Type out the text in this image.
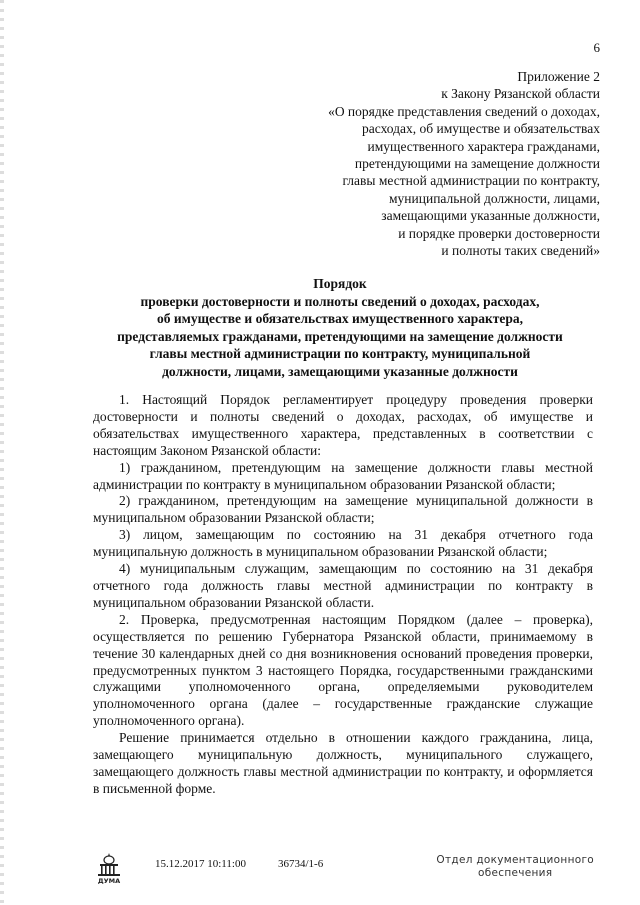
6
Приложение 2
к Закону Рязанской области
«О порядке представления сведений о доходах,
расходах, об имуществе и обязательствах
имущественного характера гражданами,
претендующими на замещение должности
главы местной администрации по контракту,
муниципальной должности, лицами,
замещающими указанные должности,
и порядке проверки достоверности
и полноты таких сведений»
Порядок
проверки достоверности и полноты сведений о доходах, расходах,
об имуществе и обязательствах имущественного характера,
представляемых гражданами, претендующими на замещение должности
главы местной администрации по контракту, муниципальной
должности, лицами, замещающими указанные должности

1. Настоящий Порядок регламентирует процедуру проведения проверки достоверности и полноты сведений о доходах, расходах, об имуществе и обязательствах имущественного характера, представленных в соответствии с настоящим Законом Рязанской области:

1) гражданином, претендующим на замещение должности главы местной администрации по контракту в муниципальном образовании Рязанской области;

2) гражданином, претендующим на замещение муниципальной должности в муниципальном образовании Рязанской области;

3) лицом, замещающим по состоянию на 31 декабря отчетного года муниципальную должность в муниципальном образовании Рязанской области;

4) муниципальным служащим, замещающим по состоянию на 31 декабря отчетного года должность главы местной администрации по контракту в муниципальном образовании Рязанской области.

2. Проверка, предусмотренная настоящим Порядком (далее – проверка), осуществляется по решению Губернатора Рязанской области, принимаемому в течение 30 календарных дней со дня возникновения оснований проведения проверки, предусмотренных пунктом 3 настоящего Порядка, государственными гражданскими служащими уполномоченного органа, определяемыми руководителем уполномоченного органа (далее – государственные гражданские служащие уполномоченного органа).

Решение принимается отдельно в отношении каждого гражданина, лица, замещающего муниципальную должность, муниципального служащего, замещающего должность главы местной администрации по контракту, и оформляется в письменной форме.

ДУМА
15.12.2017 10:11:00	36734/1-6	Отдел документационного
обеспечения
